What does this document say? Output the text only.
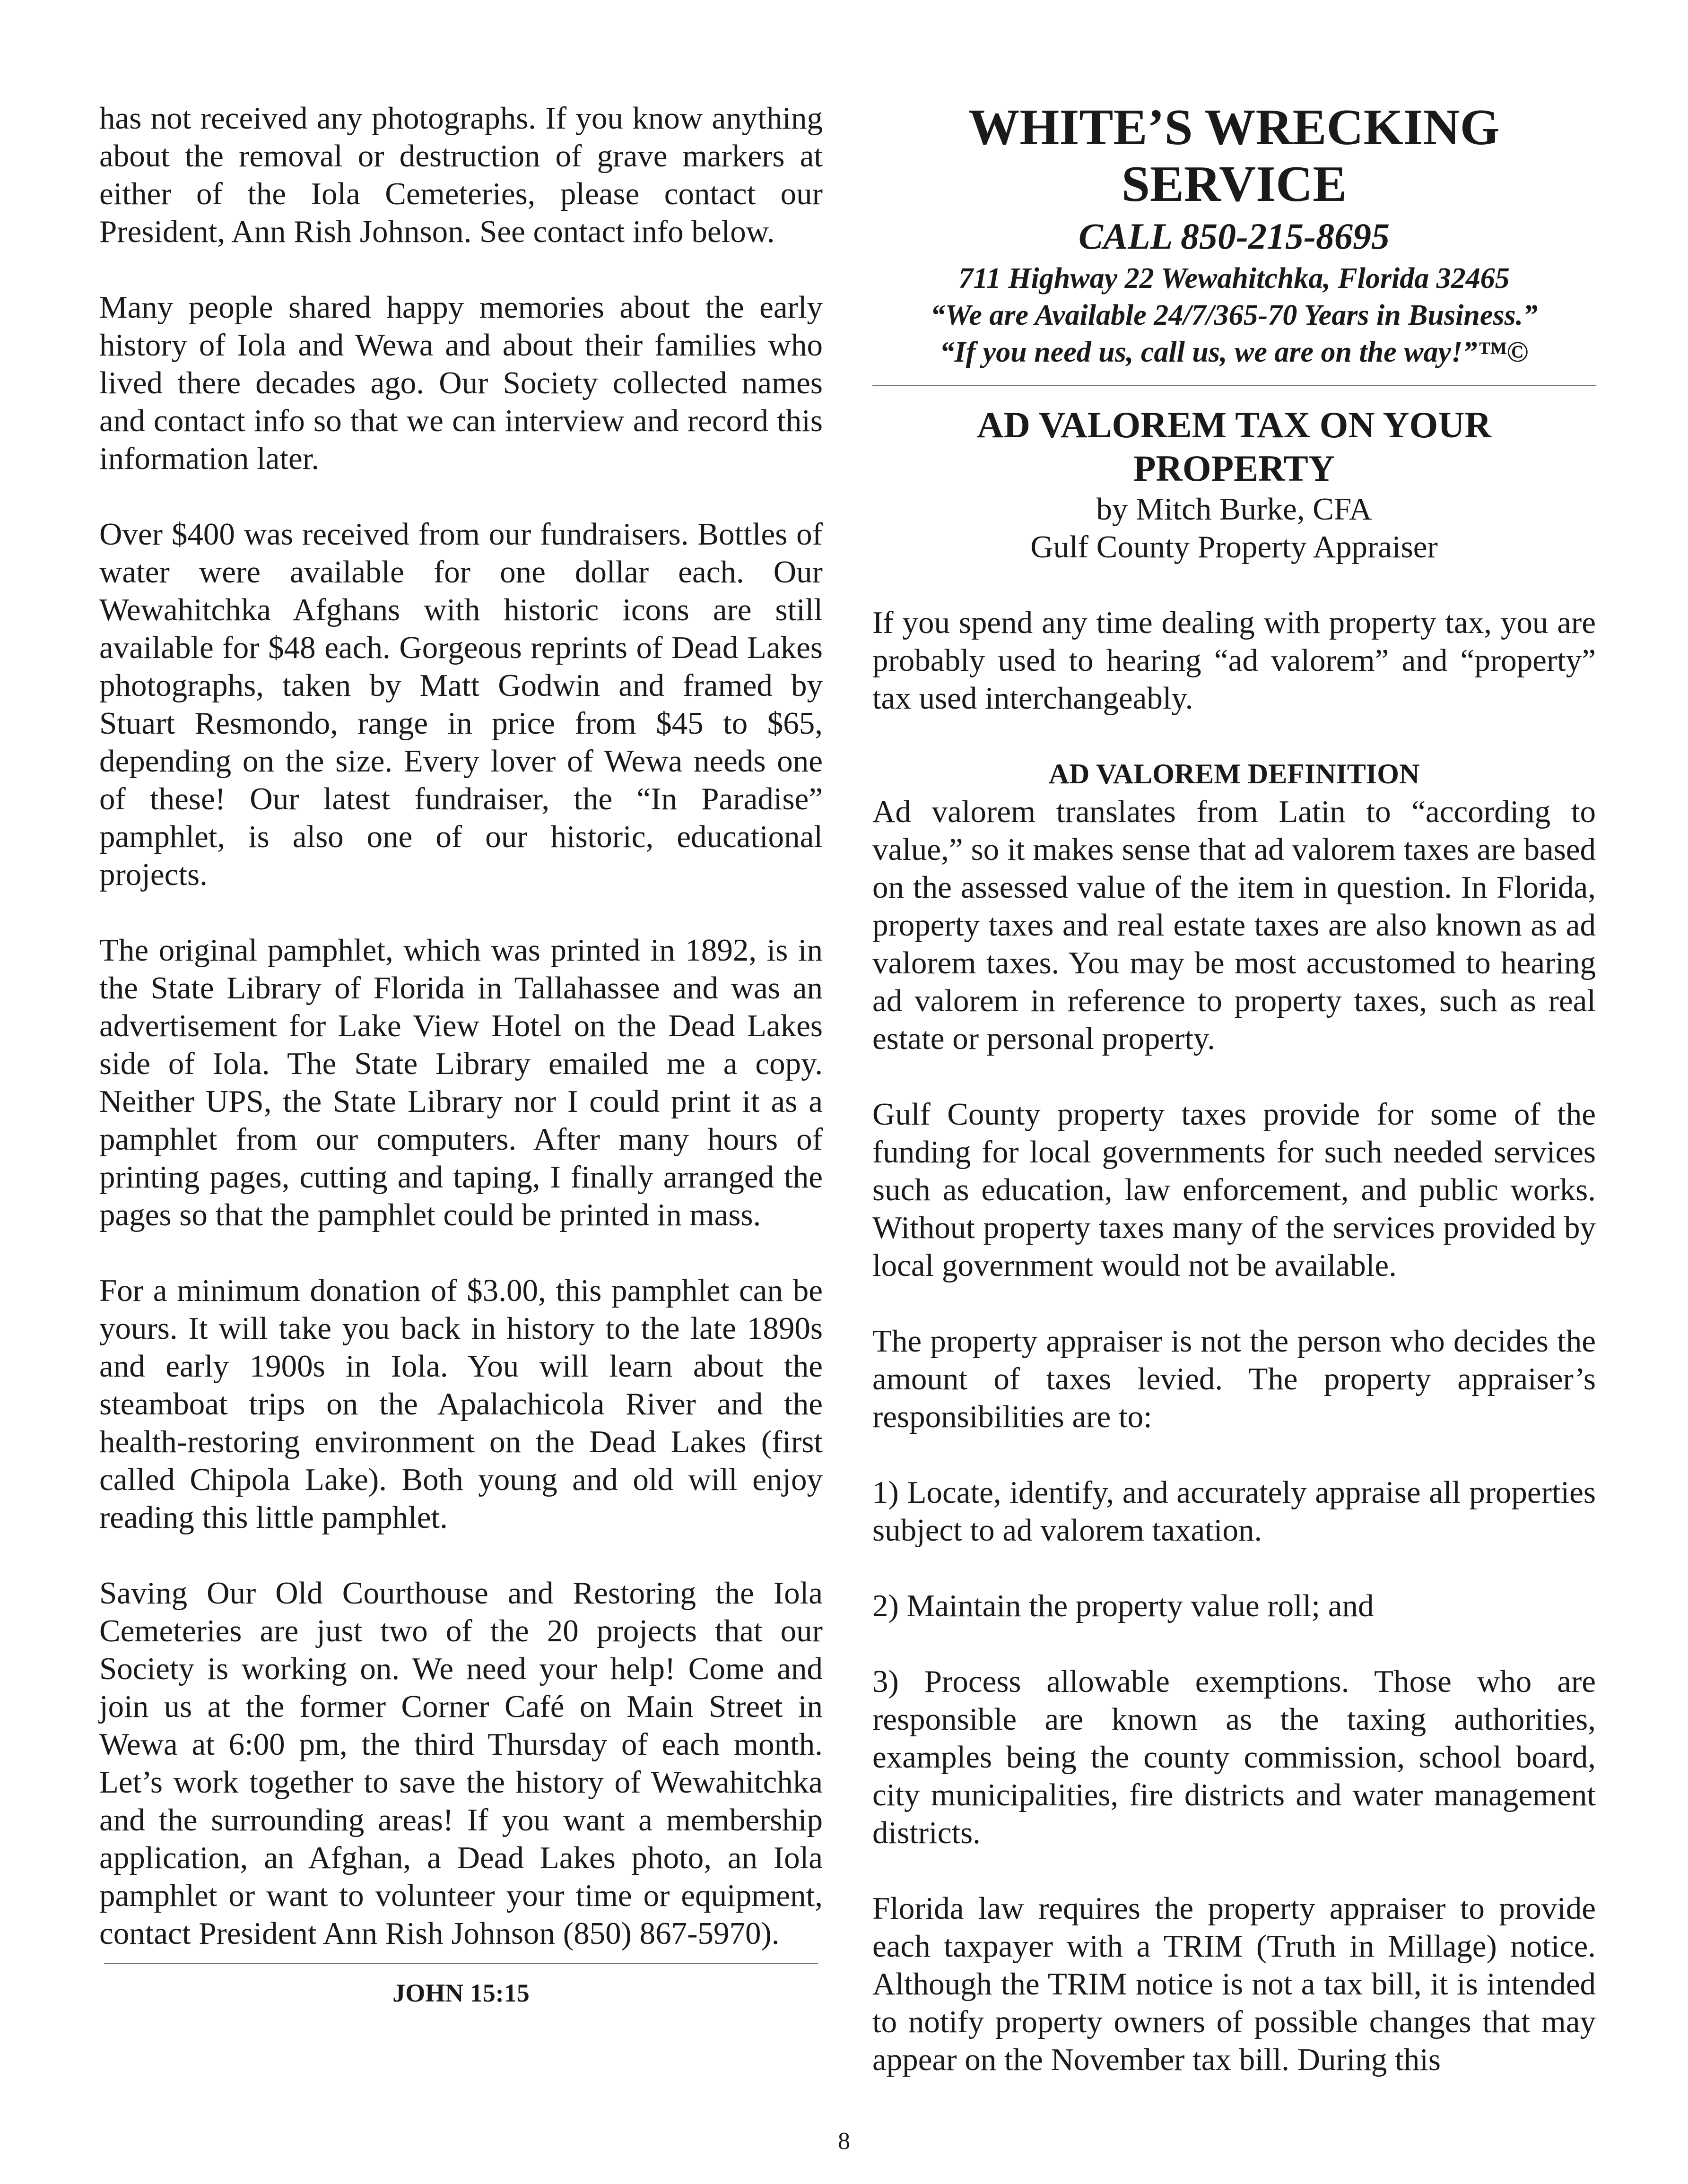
has not received any photographs. If you know anything about the removal or destruction of grave markers at either of the Iola Cemeteries, please contact our President, Ann Rish Johnson. See contact info below.

Many people shared happy memories about the early history of Iola and Wewa and about their families who lived there decades ago. Our Society collected names and contact info so that we can interview and record this information later.

Over $400 was received from our fundraisers. Bottles of water were available for one dollar each. Our Wewahitchka Afghans with historic icons are still available for $48 each. Gorgeous reprints of Dead Lakes photographs, taken by Matt Godwin and framed by Stuart Resmondo, range in price from $45 to $65, depending on the size. Every lover of Wewa needs one of these! Our latest fundraiser, the “In Paradise” pamphlet, is also one of our historic, educational projects.

The original pamphlet, which was printed in 1892, is in the State Library of Florida in Tallahassee and was an advertisement for Lake View Hotel on the Dead Lakes side of Iola. The State Library emailed me a copy. Neither UPS, the State Library nor I could print it as a pamphlet from our computers. After many hours of printing pages, cutting and taping, I finally arranged the pages so that the pamphlet could be printed in mass.

For a minimum donation of $3.00, this pamphlet can be yours. It will take you back in history to the late 1890s and early 1900s in Iola. You will learn about the steamboat trips on the Apalachicola River and the health-restoring environment on the Dead Lakes (first called Chipola Lake). Both young and old will enjoy reading this little pamphlet.

Saving Our Old Courthouse and Restoring the Iola Cemeteries are just two of the 20 projects that our Society is working on. We need your help! Come and join us at the former Corner Café on Main Street in Wewa at 6:00 pm, the third Thursday of each month. Let’s work together to save the history of Wewahitchka and the surrounding areas! If you want a membership application, an Afghan, a Dead Lakes photo, an Iola pamphlet or want to volunteer your time or equipment, contact President Ann Rish Johnson (850) 867-5970).

JOHN 15:15
WHITE’S WRECKING
SERVICE
CALL 850-215-8695
711 Highway 22 Wewahitchka, Florida 32465
“We are Available 24/7/365-70 Years in Business.”
“If you need us, call us, we are on the way!”™©
AD VALOREM TAX ON YOUR
PROPERTY
by Mitch Burke, CFA
Gulf County Property Appraiser

If you spend any time dealing with property tax, you are probably used to hearing “ad valorem” and “property” tax used interchangeably.

AD VALOREM DEFINITION

Ad valorem translates from Latin to “according to value,” so it makes sense that ad valorem taxes are based on the assessed value of the item in question. In Florida, property taxes and real estate taxes are also known as ad valorem taxes. You may be most accustomed to hearing ad valorem in reference to property taxes, such as real estate or personal property.

Gulf County property taxes provide for some of the funding for local governments for such needed services such as education, law enforcement, and public works. Without property taxes many of the services provided by local government would not be available.

The property appraiser is not the person who decides the amount of taxes levied. The property appraiser’s responsibilities are to:

1) Locate, identify, and accurately appraise all properties subject to ad valorem taxation.

2) Maintain the property value roll; and

3) Process allowable exemptions. Those who are responsible are known as the taxing authorities, examples being the county commission, school board, city municipalities, fire districts and water management districts.

Florida law requires the property appraiser to provide each taxpayer with a TRIM (Truth in Millage) notice. Although the TRIM notice is not a tax bill, it is intended to notify property owners of possible changes that may appear on the November tax bill. During this

8
